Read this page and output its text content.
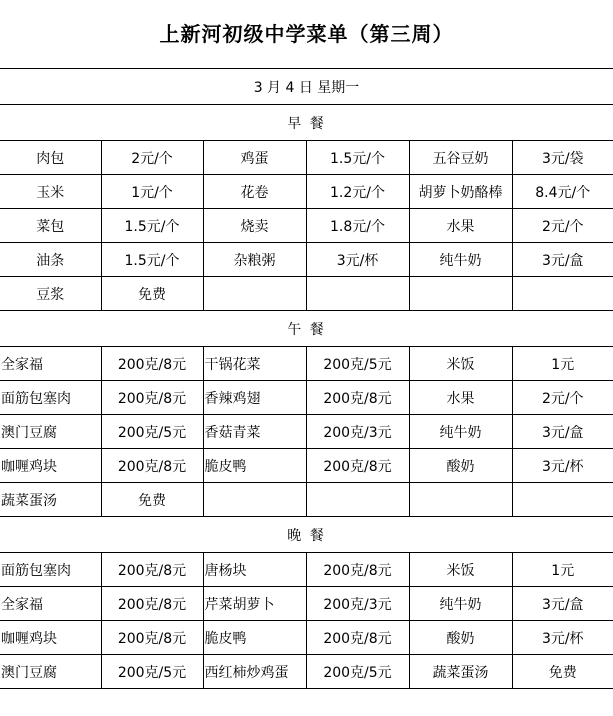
上新河初级中学菜单（第三周）
3 月 4 日 星期一					
早 餐					
肉包	2元/个	鸡蛋	1.5元/个	五谷豆奶	3元/袋
玉米	1元/个	花卷	1.2元/个	胡萝卜奶酪棒	8.4元/个
菜包	1.5元/个	烧卖	1.8元/个	水果	2元/个
油条	1.5元/个	杂粮粥	3元/杯	纯牛奶	3元/盒
豆浆	免费				
午 餐					
全家福	200克/8元	干锅花菜	200克/5元	米饭	1元
面筋包塞肉	200克/8元	香辣鸡翅	200克/8元	水果	2元/个
澳门豆腐	200克/5元	香菇青菜	200克/3元	纯牛奶	3元/盒
咖喱鸡块	200克/8元	脆皮鸭	200克/8元	酸奶	3元/杯
蔬菜蛋汤	免费				
晚 餐					
面筋包塞肉	200克/8元	唐杨块	200克/8元	米饭	1元
全家福	200克/8元	芹菜胡萝卜	200克/3元	纯牛奶	3元/盒
咖喱鸡块	200克/8元	脆皮鸭	200克/8元	酸奶	3元/杯
澳门豆腐	200克/5元	西红柿炒鸡蛋	200克/5元	蔬菜蛋汤	免费
